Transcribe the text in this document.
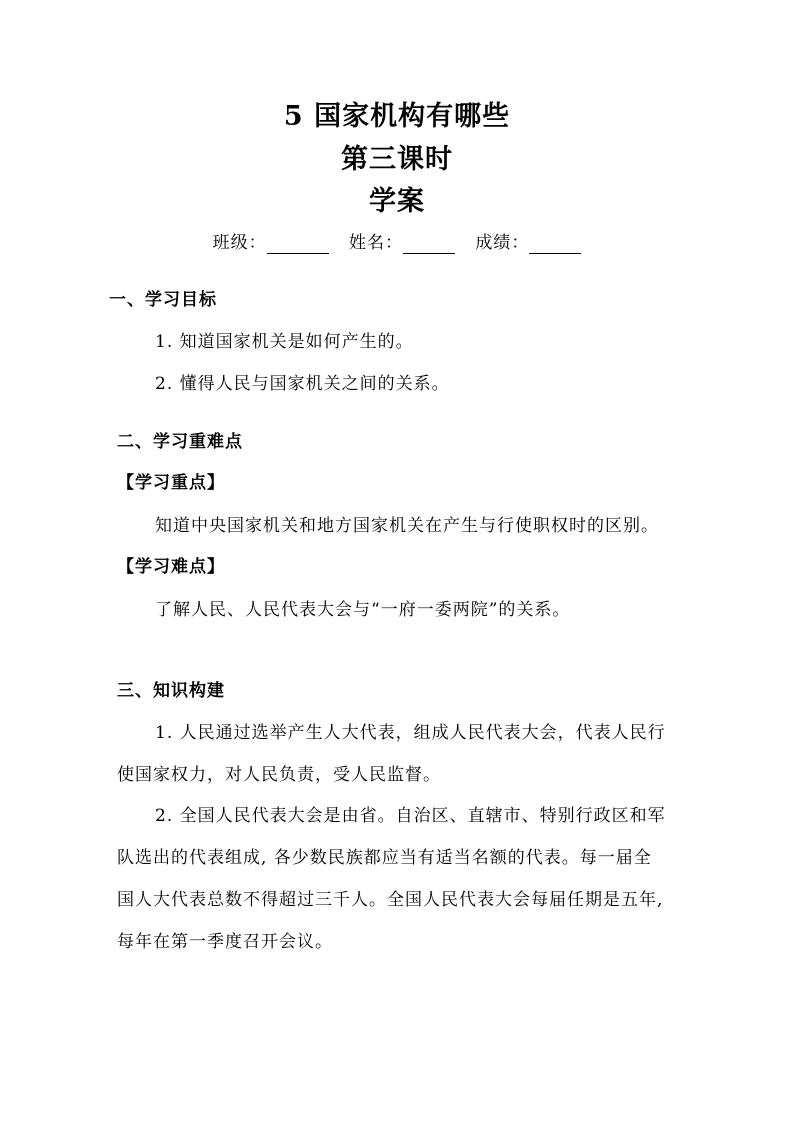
5 国家机构有哪些
第三课时
学案
班级：	姓名：	成绩：
一、学习目标
1. 知道国家机关是如何产生的。
2. 懂得人民与国家机关之间的关系。
二、学习重难点
【学习重点】
知道中央国家机关和地方国家机关在产生与行使职权时的区别。
【学习难点】
了解人民、人民代表大会与“一府一委两院”的关系。
三、知识构建
1. 人民通过选举产生人大代表，组成人民代表大会，代表人民行
使国家权力，对人民负责，受人民监督。
2. 全国人民代表大会是由省。自治区、直辖市、特别行政区和军
队选出的代表组成, 各少数民族都应当有适当名额的代表。每一届全
国人大代表总数不得超过三千人。全国人民代表大会每届任期是五年,
每年在第一季度召开会议。
